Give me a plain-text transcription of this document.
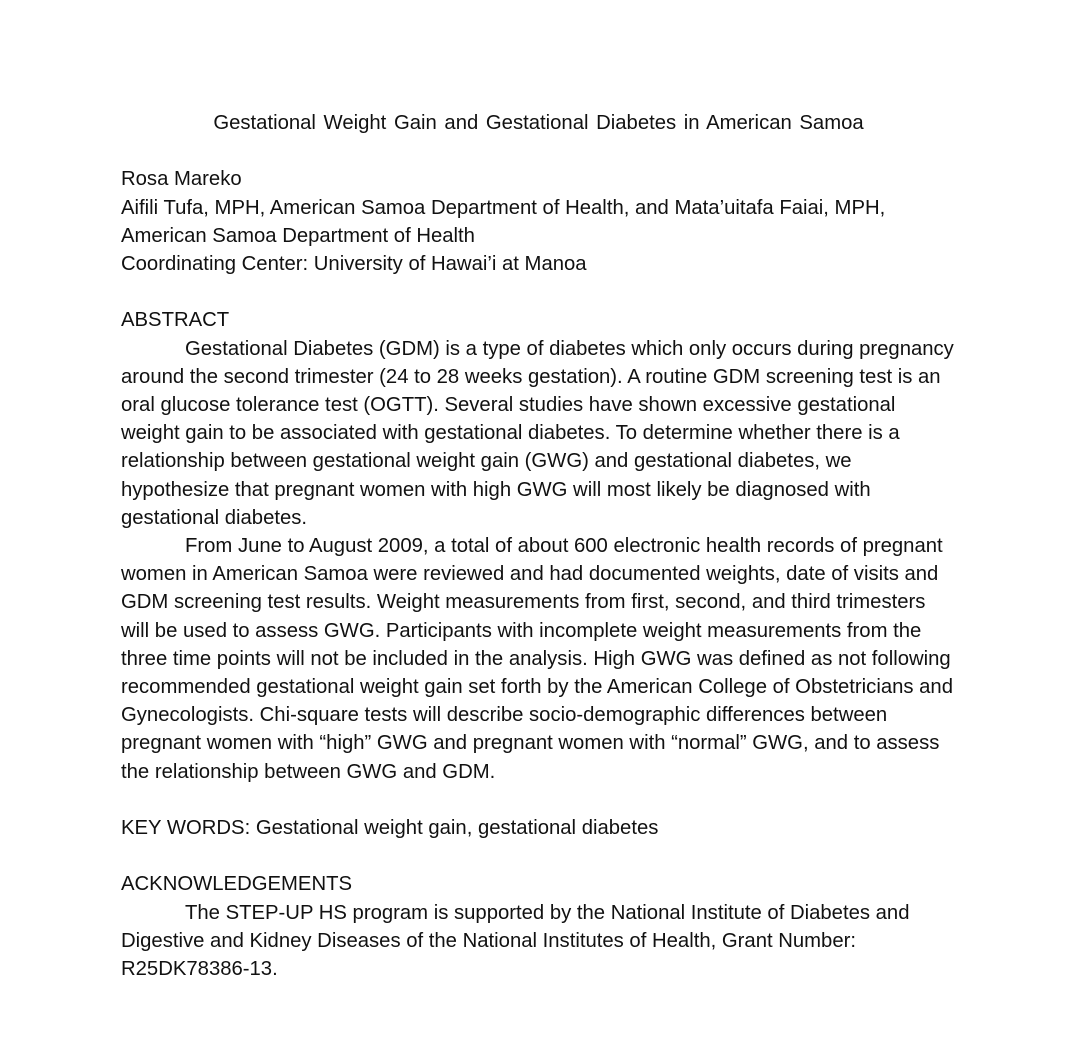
Gestational Weight Gain and Gestational Diabetes in American Samoa

Rosa Mareko

Aifili Tufa, MPH, American Samoa Department of Health, and Mata’uitafa Faiai, MPH,

American Samoa Department of Health

Coordinating Center: University of Hawai’i at Manoa

ABSTRACT

Gestational Diabetes (GDM) is a type of diabetes which only occurs during pregnancy around the second trimester (24 to 28 weeks gestation). A routine GDM screening test is an oral glucose tolerance test (OGTT). Several studies have shown excessive gestational weight gain to be associated with gestational diabetes. To determine whether there is a relationship between gestational weight gain (GWG) and gestational diabetes, we hypothesize that pregnant women with high GWG will most likely be diagnosed with gestational diabetes.

From June to August 2009, a total of about 600 electronic health records of pregnant women in American Samoa were reviewed and had documented weights, date of visits and GDM screening test results. Weight measurements from first, second, and third trimesters will be used to assess GWG. Participants with incomplete weight measurements from the three time points will not be included in the analysis. High GWG was defined as not following recommended gestational weight gain set forth by the American College of Obstetricians and Gynecologists. Chi-square tests will describe socio-demographic differences between pregnant women with “high” GWG and pregnant women with “normal” GWG, and to assess the relationship between GWG and GDM.

KEY WORDS: Gestational weight gain, gestational diabetes

ACKNOWLEDGEMENTS

The STEP-UP HS program is supported by the National Institute of Diabetes and Digestive and Kidney Diseases of the National Institutes of Health, Grant Number: R25DK78386-13.
